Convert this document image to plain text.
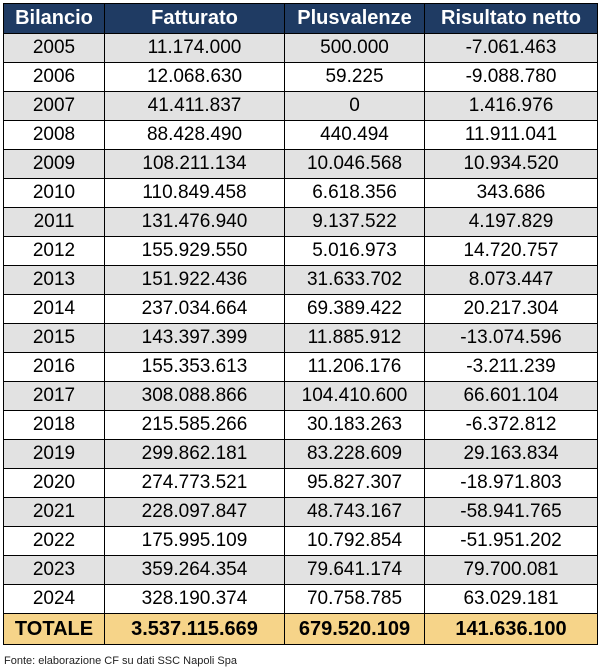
Bilancio	Fatturato	Plusvalenze	Risultato netto
2005	11.174.000	500.000	-7.061.463
2006	12.068.630	59.225	-9.088.780
2007	41.411.837	0	1.416.976
2008	88.428.490	440.494	11.911.041
2009	108.211.134	10.046.568	10.934.520
2010	110.849.458	6.618.356	343.686
2011	131.476.940	9.137.522	4.197.829
2012	155.929.550	5.016.973	14.720.757
2013	151.922.436	31.633.702	8.073.447
2014	237.034.664	69.389.422	20.217.304
2015	143.397.399	11.885.912	-13.074.596
2016	155.353.613	11.206.176	-3.211.239
2017	308.088.866	104.410.600	66.601.104
2018	215.585.266	30.183.263	-6.372.812
2019	299.862.181	83.228.609	29.163.834
2020	274.773.521	95.827.307	-18.971.803
2021	228.097.847	48.743.167	-58.941.765
2022	175.995.109	10.792.854	-51.951.202
2023	359.264.354	79.641.174	79.700.081
2024	328.190.374	70.758.785	63.029.181
TOTALE	3.537.115.669	679.520.109	141.636.100
Fonte: elaborazione CF su dati SSC Napoli Spa
